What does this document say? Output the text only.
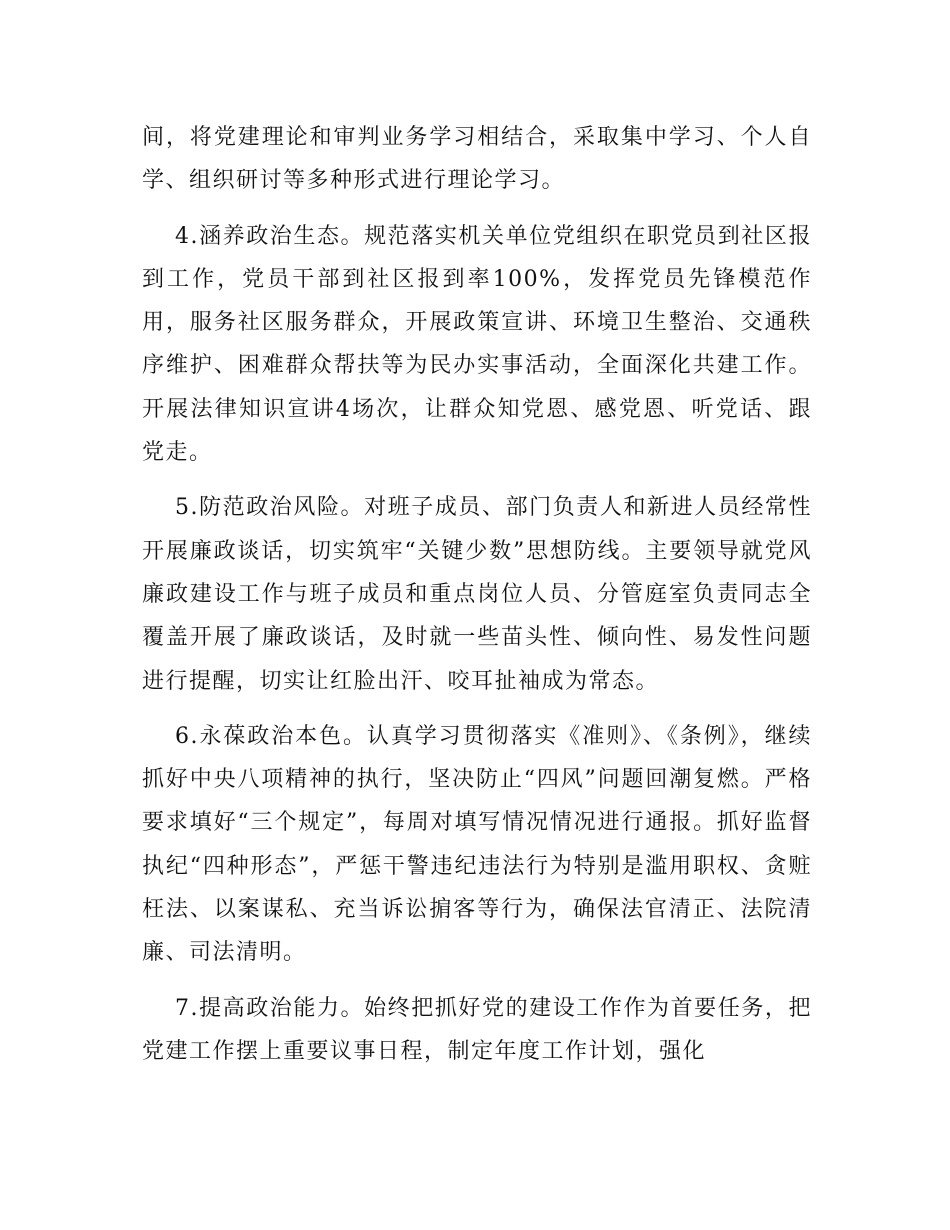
间，将党建理论和审判业务学习相结合，采取集中学习、个人自学、组织研讨等多种形式进行理论学习。

4.涵养政治生态。规范落实机关单位党组织在职党员到社区报到工作，党员干部到社区报到率100%，发挥党员先锋模范作用，服务社区服务群众，开展政策宣讲、环境卫生整治、交通秩序维护、困难群众帮扶等为民办实事活动，全面深化共建工作。开展法律知识宣讲4场次，让群众知党恩、感党恩、听党话、跟党走。

5.防范政治风险。对班子成员、部门负责人和新进人员经常性开展廉政谈话，切实筑牢“关键少数”思想防线。主要领导就党风廉政建设工作与班子成员和重点岗位人员、分管庭室负责同志全覆盖开展了廉政谈话，及时就一些苗头性、倾向性、易发性问题进行提醒，切实让红脸出汗、咬耳扯袖成为常态。

6.永葆政治本色。认真学习贯彻落实《准则》、《条例》，继续抓好中央八项精神的执行，坚决防止“四风”问题回潮复燃。严格要求填好“三个规定”，每周对填写情况情况进行通报。抓好监督执纪“四种形态”，严惩干警违纪违法行为特别是滥用职权、贪赃枉法、以案谋私、充当诉讼掮客等行为，确保法官清正、法院清廉、司法清明。

7.提高政治能力。始终把抓好党的建设工作作为首要任务，把党建工作摆上重要议事日程，制定年度工作计划，强化
